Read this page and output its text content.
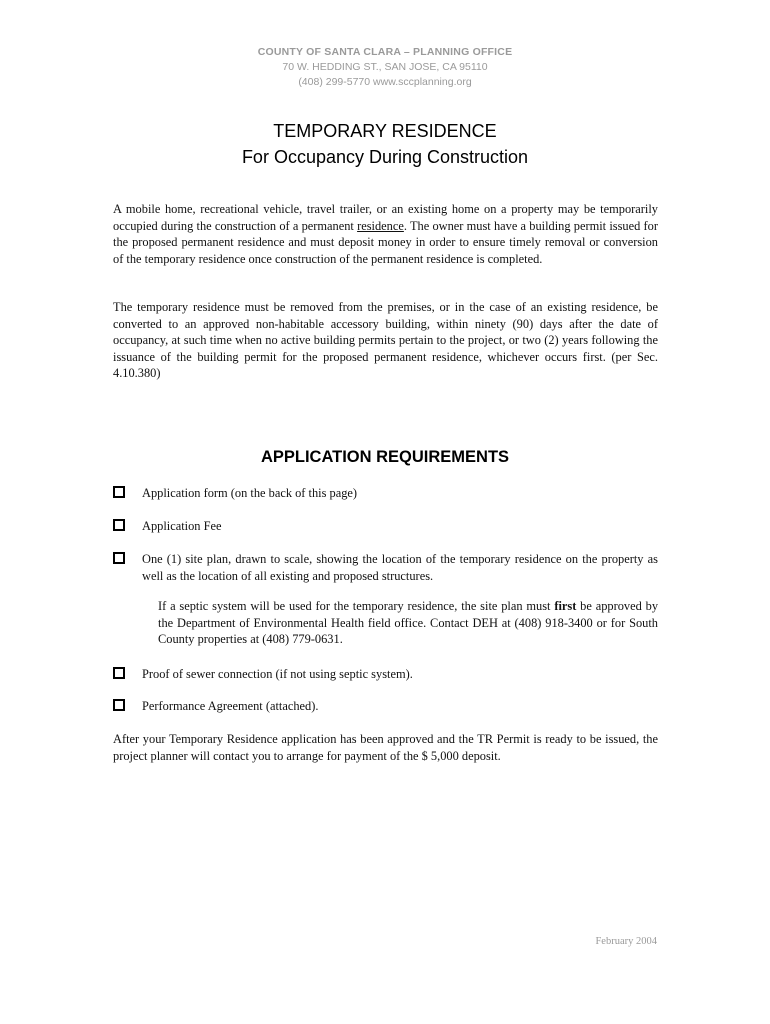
COUNTY OF SANTA CLARA – PLANNING OFFICE
70 W. HEDDING ST., SAN JOSE, CA 95110
(408) 299-5770 www.sccplanning.org
TEMPORARY RESIDENCE
For Occupancy During Construction

A mobile home, recreational vehicle, travel trailer, or an existing home on a property may be temporarily occupied during the construction of a permanent residence. The owner must have a building permit issued for the proposed permanent residence and must deposit money in order to ensure timely removal or conversion of the temporary residence once construction of the permanent residence is completed.

The temporary residence must be removed from the premises, or in the case of an existing residence, be converted to an approved non-habitable accessory building, within ninety (90) days after the date of occupancy, at such time when no active building permits pertain to the project, or two (2) years following the issuance of the building permit for the proposed permanent residence, whichever occurs first. (per Sec. 4.10.380)

APPLICATION REQUIREMENTS
Application form (on the back of this page)
Application Fee
One (1) site plan, drawn to scale, showing the location of the temporary residence on the property as well as the location of all existing and proposed structures.

If a septic system will be used for the temporary residence, the site plan must first be approved by the Department of Environmental Health field office. Contact DEH at (408) 918-3400 or for South County properties at (408) 779-0631.

Proof of sewer connection (if not using septic system).
Performance Agreement (attached).

After your Temporary Residence application has been approved and the TR Permit is ready to be issued, the project planner will contact you to arrange for payment of the $ 5,000 deposit.

February 2004
